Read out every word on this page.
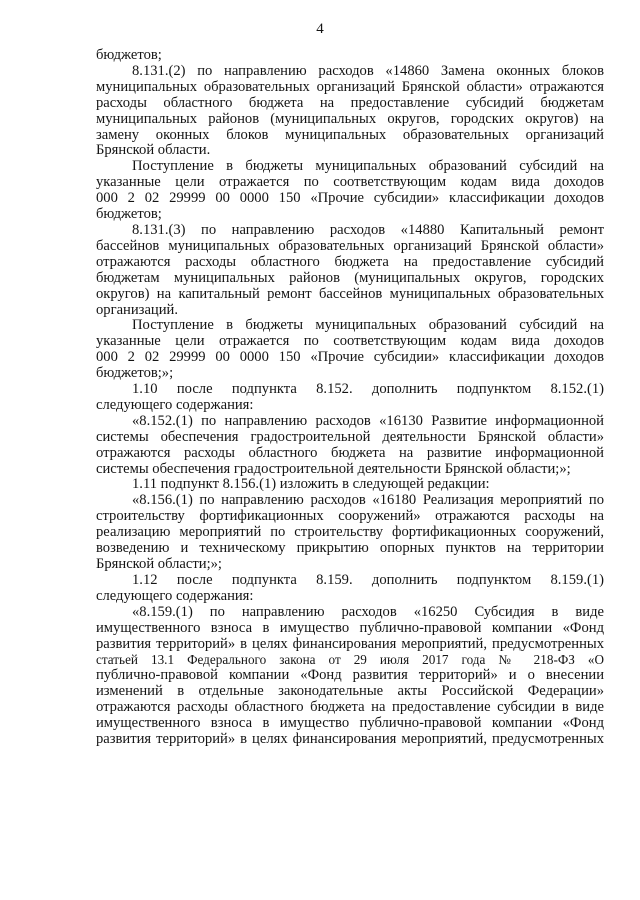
4
бюджетов;
8.131.(2) по направлению расходов «14860 Замена оконных блоков
муниципальных образовательных организаций Брянской области» отражаются
расходы областного бюджета на предоставление субсидий бюджетам
муниципальных районов (муниципальных округов, городских округов) на
замену оконных блоков муниципальных образовательных организаций
Брянской области.
Поступление в бюджеты муниципальных образований субсидий на
указанные цели отражается по соответствующим кодам вида доходов
000 2 02 29999 00 0000 150 «Прочие субсидии» классификации доходов
бюджетов;
8.131.(3) по направлению расходов «14880 Капитальный ремонт
бассейнов муниципальных образовательных организаций Брянской области»
отражаются расходы областного бюджета на предоставление субсидий
бюджетам муниципальных районов (муниципальных округов, городских
округов) на капитальный ремонт бассейнов муниципальных образовательных
организаций.
Поступление в бюджеты муниципальных образований субсидий на
указанные цели отражается по соответствующим кодам вида доходов
000 2 02 29999 00 0000 150 «Прочие субсидии» классификации доходов
бюджетов;»;
1.10 после подпункта 8.152. дополнить подпунктом 8.152.(1)
следующего содержания:
«8.152.(1) по направлению расходов «16130 Развитие информационной
системы обеспечения градостроительной деятельности Брянской области»
отражаются расходы областного бюджета на развитие информационной
системы обеспечения градостроительной деятельности Брянской области;»;
1.11 подпункт 8.156.(1) изложить в следующей редакции:
«8.156.(1) по направлению расходов «16180 Реализация мероприятий по
строительству фортификационных сооружений» отражаются расходы на
реализацию мероприятий по строительству фортификационных сооружений,
возведению и техническому прикрытию опорных пунктов на территории
Брянской области;»;
1.12 после подпункта 8.159. дополнить подпунктом 8.159.(1)
следующего содержания:
«8.159.(1) по направлению расходов «16250 Субсидия в виде
имущественного взноса в имущество публично-правовой компании «Фонд
развития территорий» в целях финансирования мероприятий, предусмотренных
статьей 13.1 Федерального закона от 29 июля 2017 года № 218-ФЗ «О
публично-правовой компании «Фонд развития территорий» и о внесении
изменений в отдельные законодательные акты Российской Федерации»
отражаются расходы областного бюджета на предоставление субсидии в виде
имущественного взноса в имущество публично-правовой компании «Фонд
развития территорий» в целях финансирования мероприятий, предусмотренных
